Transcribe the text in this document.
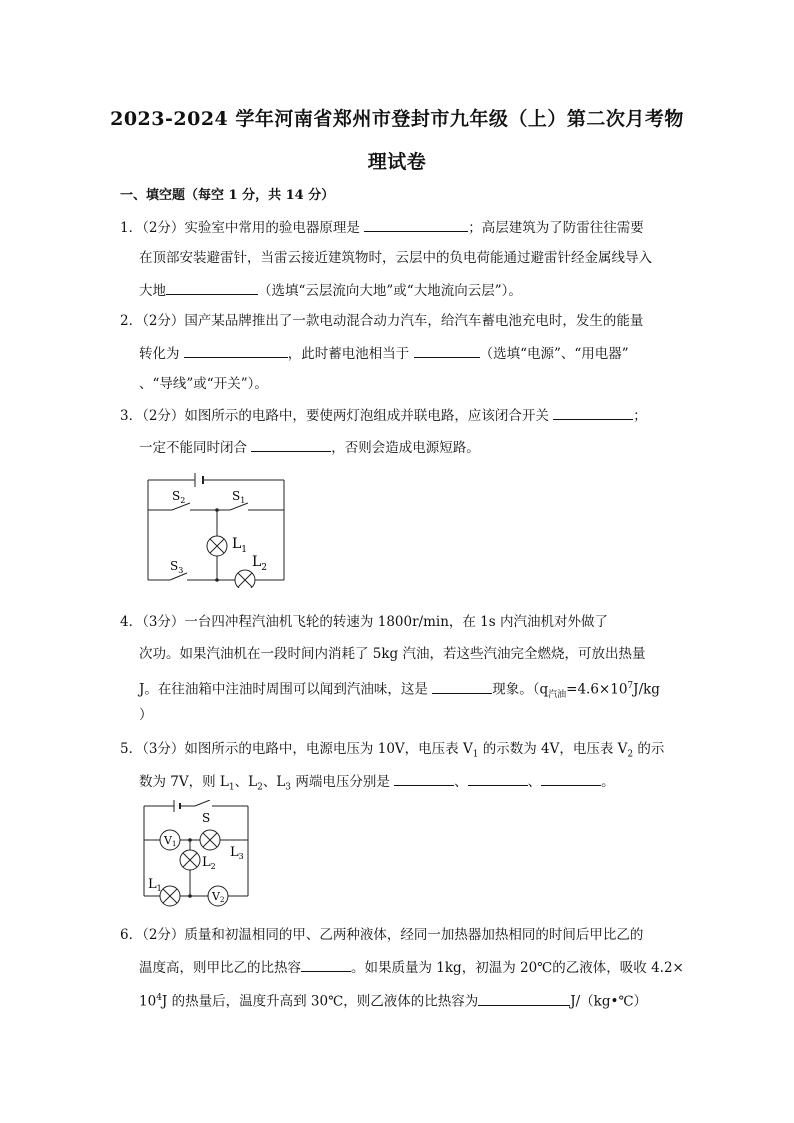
2023-2024 学年河南省郑州市登封市九年级（上）第二次月考物
理试卷
一、填空题（每空 1 分，共 14 分）
1．（2分）实验室中常用的验电器原理是	；高层建筑为了防雷往往需要
在顶部安装避雷针，当雷云接近建筑物时，云层中的负电荷能通过避雷针经金属线导入
大地	（选填“云层流向大地”或“大地流向云层”）。
2．（2分）国产某品牌推出了一款电动混合动力汽车，给汽车蓄电池充电时，发生的能量
转化为	，此时蓄电池相当于	（选填“电源”、“用电器”
、“导线”或“开关”）。
3．（2分）如图所示的电路中，要使两灯泡组成并联电路，应该闭合开关	；
一定不能同时闭合	，否则会造成电源短路。
$S_2$	$S_1$
$S_3$
$L_1$
$L_2$
4．（3分）一台四冲程汽油机飞轮的转速为 1800r/min，在 1s 内汽油机对外做了
次功。如果汽油机在一段时间内消耗了 5kg 汽油，若这些汽油完全燃烧，可放出热量
J。在往油箱中注油时周围可以闻到汽油味，这是	现象。（$q_{汽油}=4.6\times 10^7J/kg$
）
5．（3分）如图所示的电路中，电源电压为 10V，电压表 $V_1$ 的示数为 4V，电压表 $V_2$ 的示
数为 7V，则 $L_1$、$L_2$、$L_3$ 两端电压分别是	、	、	。
S
V1
V2
$L_2$
$L_3$
$L_1$
6．（2分）质量和初温相同的甲、乙两种液体，经同一加热器加热相同的时间后甲比乙的
温度高，则甲比乙的比热容	。如果质量为 1kg，初温为 20℃的乙液体，吸收 4.2×
$10^4J$ 的热量后，温度升高到 30℃，则乙液体的比热容为	J/（kg•℃）
